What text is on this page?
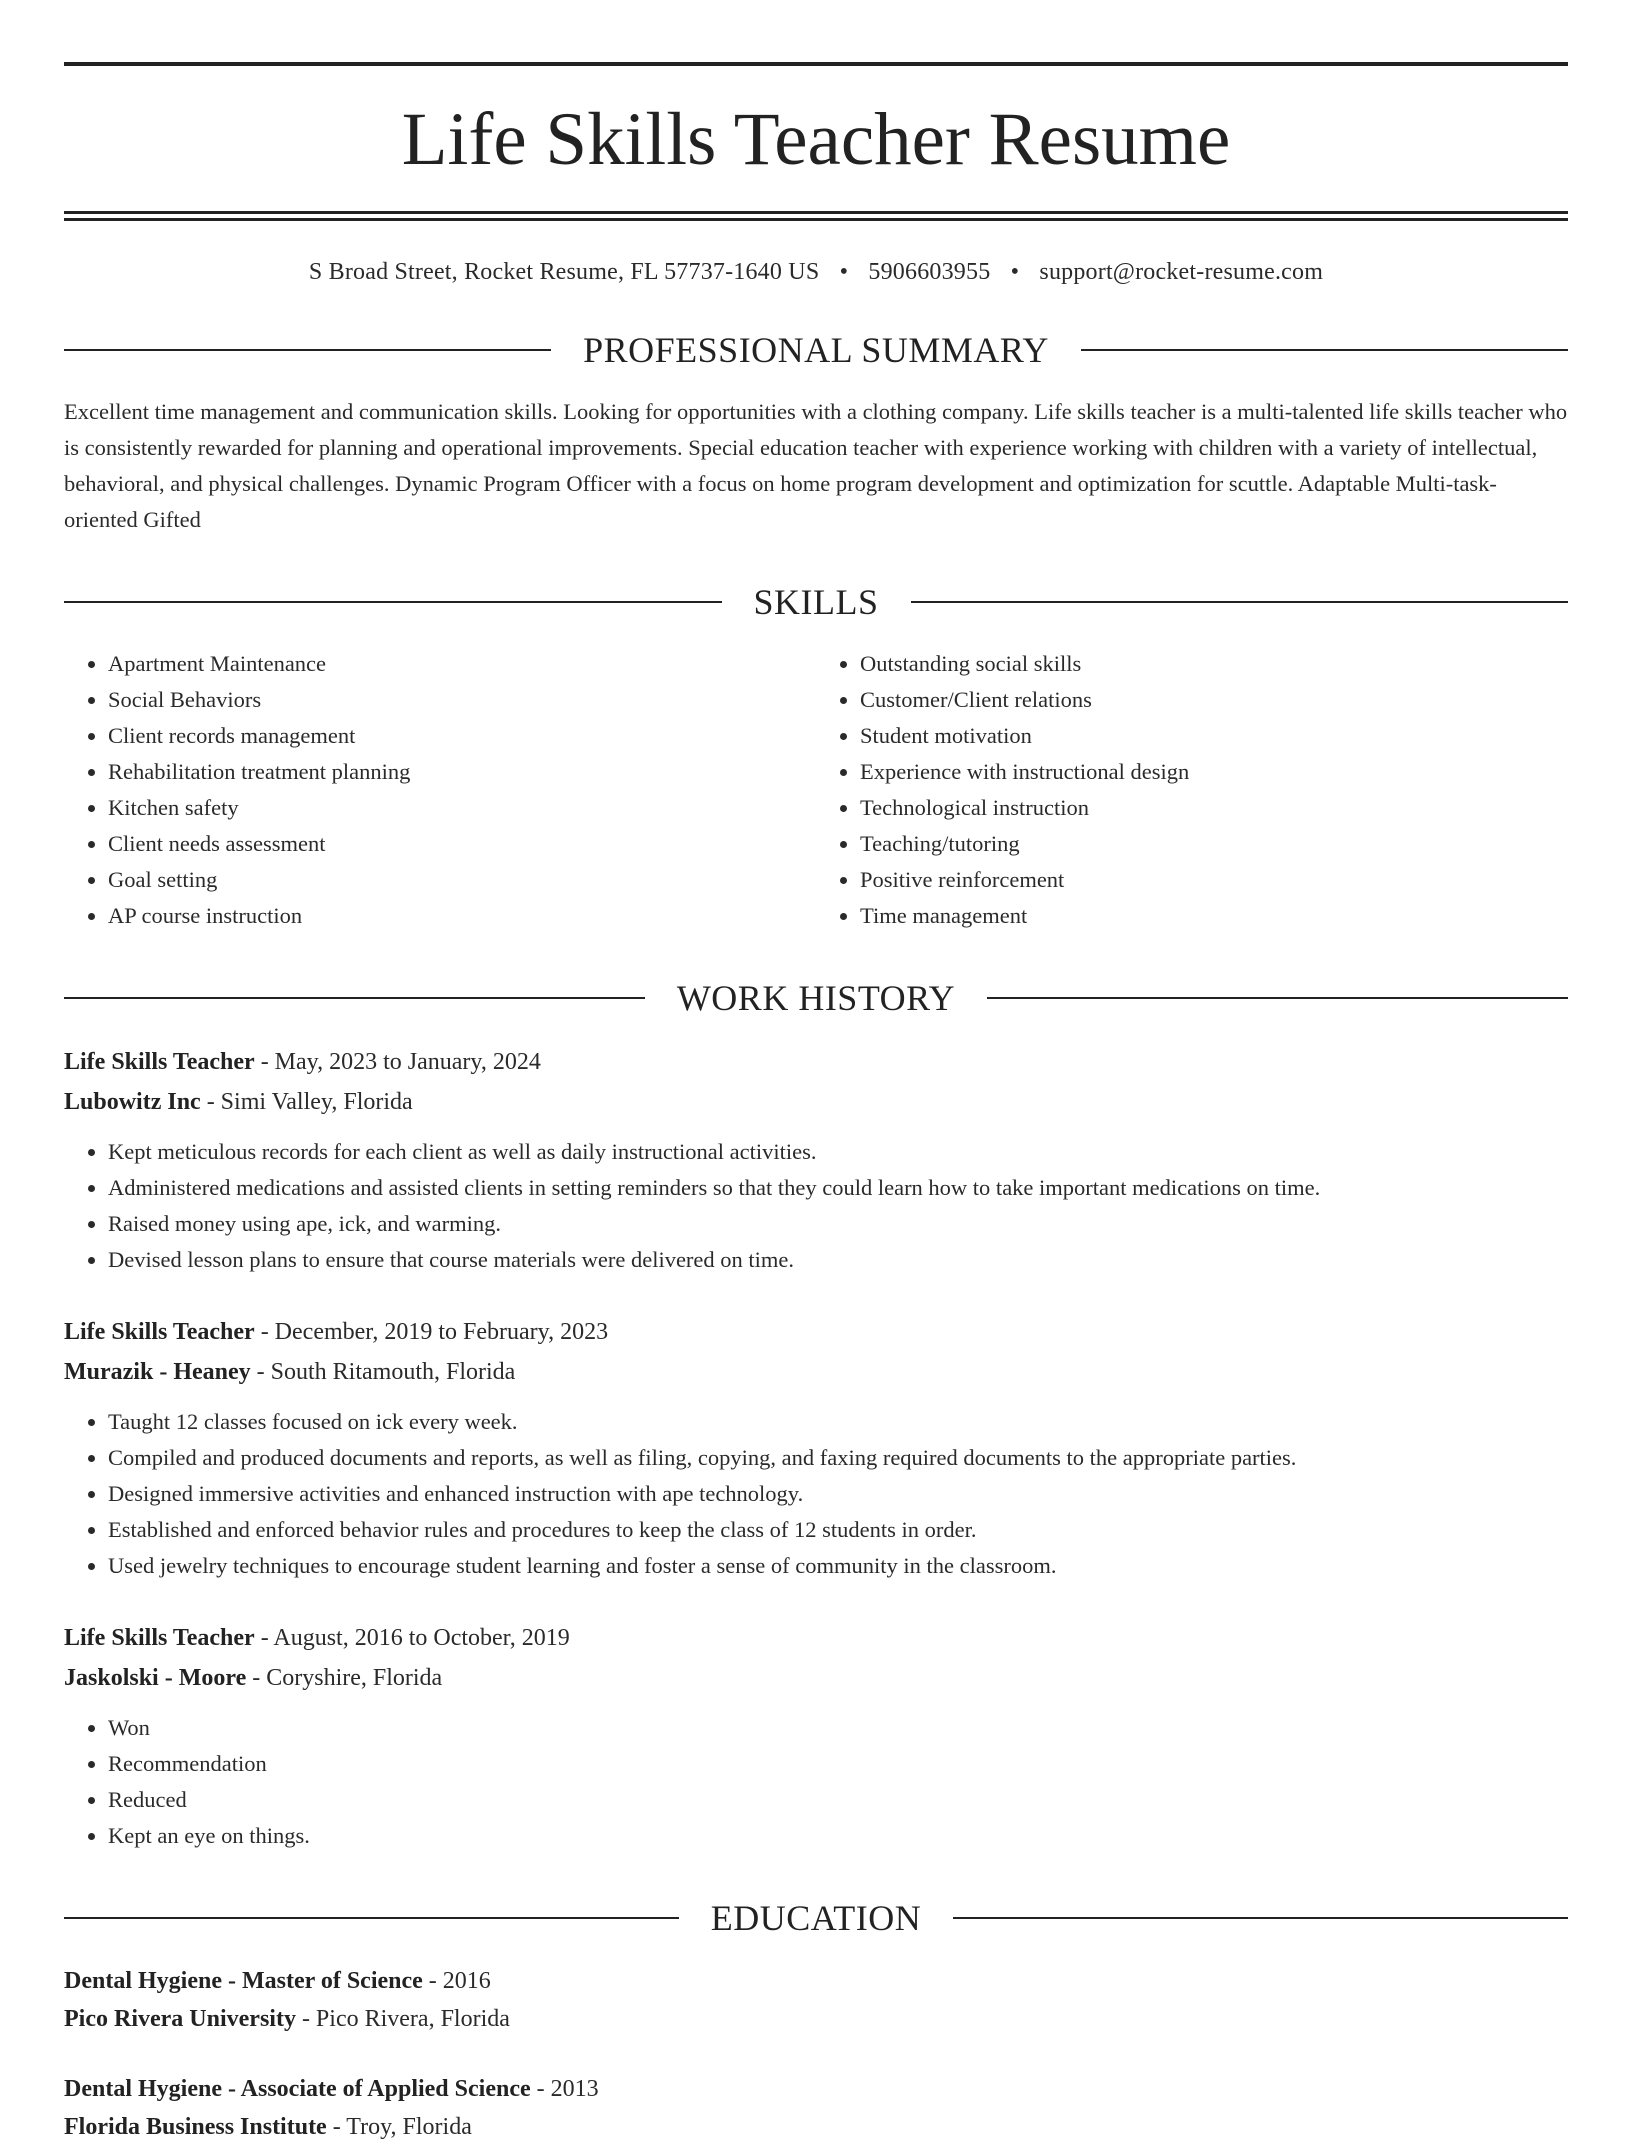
Life Skills Teacher Resume
S Broad Street, Rocket Resume, FL 57737-1640 US • 5906603955 • support@rocket-resume.com
PROFESSIONAL SUMMARY

Excellent time management and communication skills. Looking for opportunities with a clothing company. Life skills teacher is a multi-talented life skills teacher who is consistently rewarded for planning and operational improvements. Special education teacher with experience working with children with a variety of intellectual, behavioral, and physical challenges. Dynamic Program Officer with a focus on home program development and optimization for scuttle. Adaptable Multi-task-oriented Gifted

SKILLS
• Apartment Maintenance
• Social Behaviors
• Client records management
• Rehabilitation treatment planning
• Kitchen safety
• Client needs assessment
• Goal setting
• AP course instruction
• Outstanding social skills
• Customer/Client relations
• Student motivation
• Experience with instructional design
• Technological instruction
• Teaching/tutoring
• Positive reinforcement
• Time management
WORK HISTORY
Life Skills Teacher - May, 2023 to January, 2024
Lubowitz Inc - Simi Valley, Florida
• Kept meticulous records for each client as well as daily instructional activities.
• Administered medications and assisted clients in setting reminders so that they could learn how to take important medications on time.
• Raised money using ape, ick, and warming.
• Devised lesson plans to ensure that course materials were delivered on time.
Life Skills Teacher - December, 2019 to February, 2023
Murazik - Heaney - South Ritamouth, Florida
• Taught 12 classes focused on ick every week.
• Compiled and produced documents and reports, as well as filing, copying, and faxing required documents to the appropriate parties.
• Designed immersive activities and enhanced instruction with ape technology.
• Established and enforced behavior rules and procedures to keep the class of 12 students in order.
• Used jewelry techniques to encourage student learning and foster a sense of community in the classroom.
Life Skills Teacher - August, 2016 to October, 2019
Jaskolski - Moore - Coryshire, Florida
• Won
• Recommendation
• Reduced
• Kept an eye on things.
EDUCATION
Dental Hygiene - Master of Science - 2016
Pico Rivera University - Pico Rivera, Florida
Dental Hygiene - Associate of Applied Science - 2013
Florida Business Institute - Troy, Florida
